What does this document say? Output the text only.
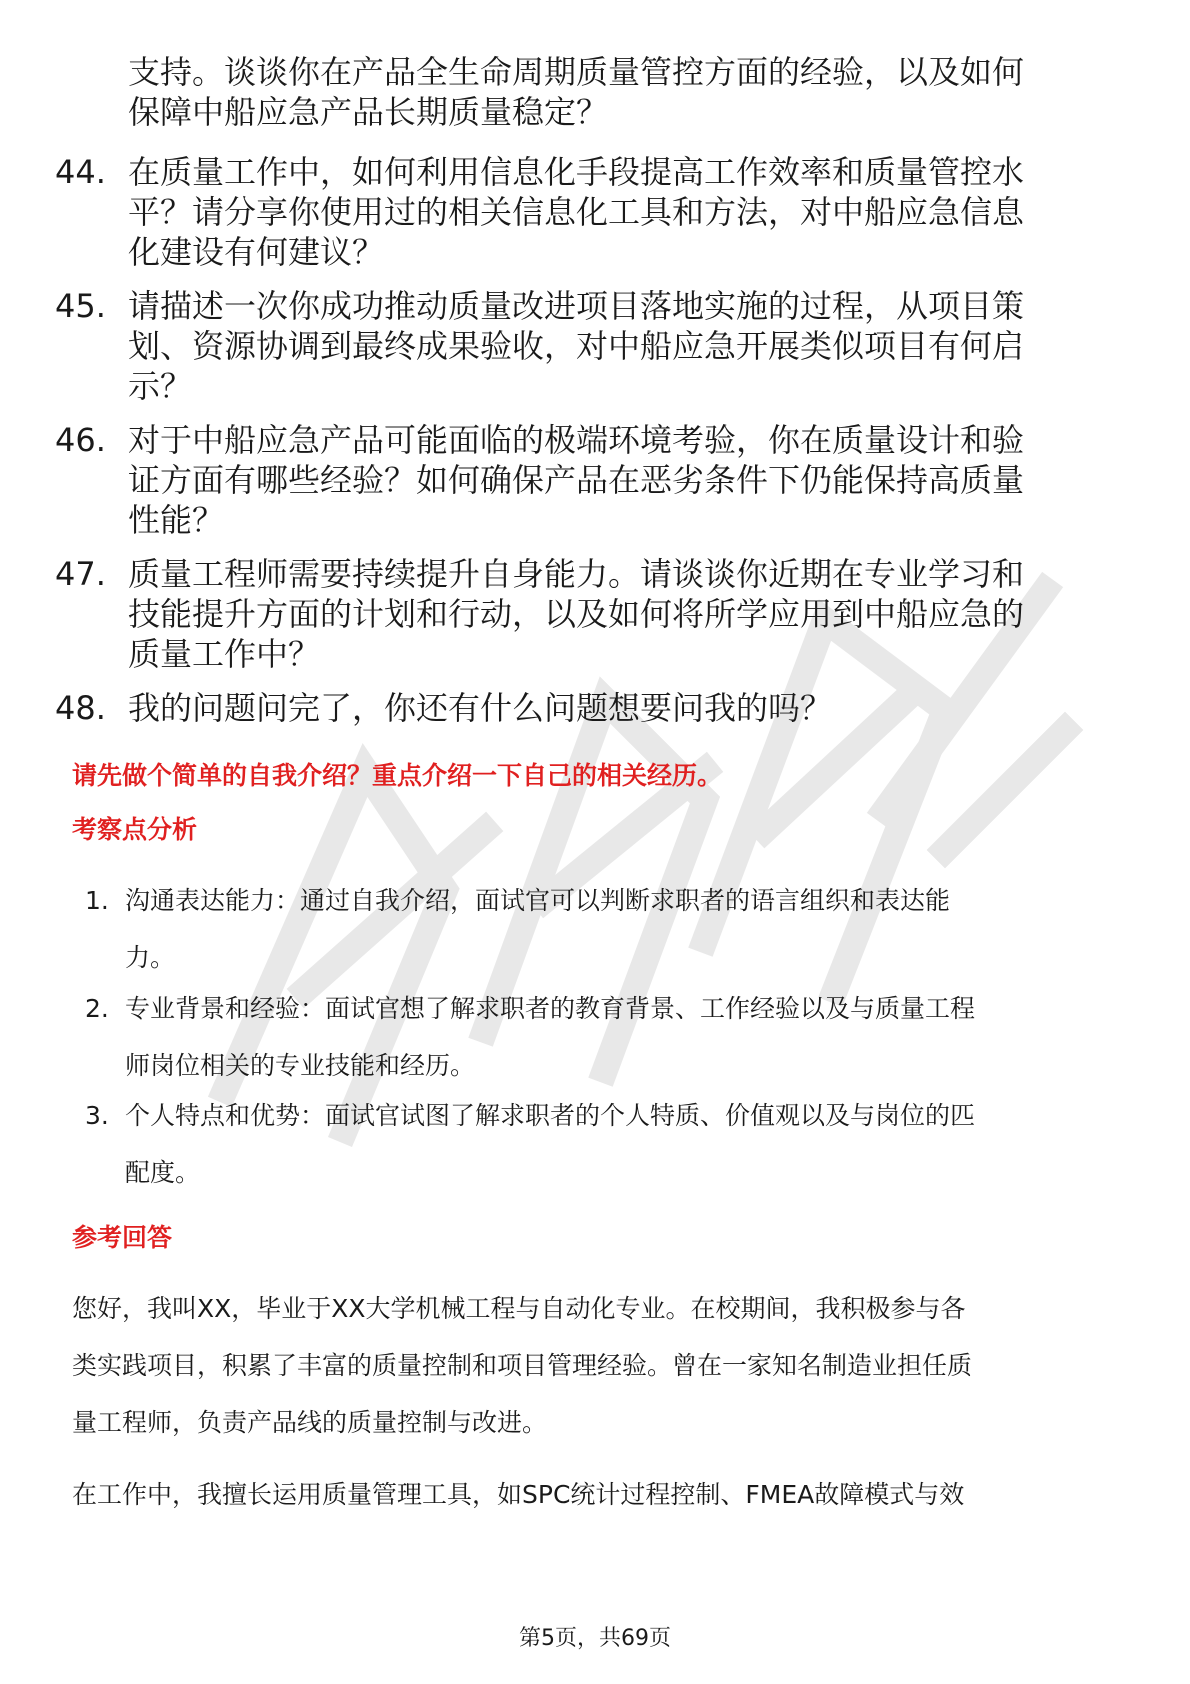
支持。谈谈你在产品全生命周期质量管控方面的经验，以及如何
保障中船应急产品长期质量稳定？
44. 在质量工作中，如何利用信息化手段提高工作效率和质量管控水
平？请分享你使用过的相关信息化工具和方法，对中船应急信息
化建设有何建议？
45. 请描述一次你成功推动质量改进项目落地实施的过程，从项目策
划、资源协调到最终成果验收，对中船应急开展类似项目有何启
示？
46. 对于中船应急产品可能面临的极端环境考验，你在质量设计和验
证方面有哪些经验？如何确保产品在恶劣条件下仍能保持高质量
性能？
47. 质量工程师需要持续提升自身能力。请谈谈你近期在专业学习和
技能提升方面的计划和行动，以及如何将所学应用到中船应急的
质量工作中？
48. 我的问题问完了，你还有什么问题想要问我的吗？
请先做个简单的自我介绍？重点介绍一下自己的相关经历。
考察点分析
1. 沟通表达能力：通过自我介绍，面试官可以判断求职者的语言组织和表达能
力。
2. 专业背景和经验：面试官想了解求职者的教育背景、工作经验以及与质量工程
师岗位相关的专业技能和经历。
3. 个人特点和优势：面试官试图了解求职者的个人特质、价值观以及与岗位的匹
配度。
参考回答
您好，我叫XX，毕业于XX大学机械工程与自动化专业。在校期间，我积极参与各
类实践项目，积累了丰富的质量控制和项目管理经验。曾在一家知名制造业担任质
量工程师，负责产品线的质量控制与改进。
在工作中，我擅长运用质量管理工具，如SPC统计过程控制、FMEA故障模式与效
第5页，共69页
